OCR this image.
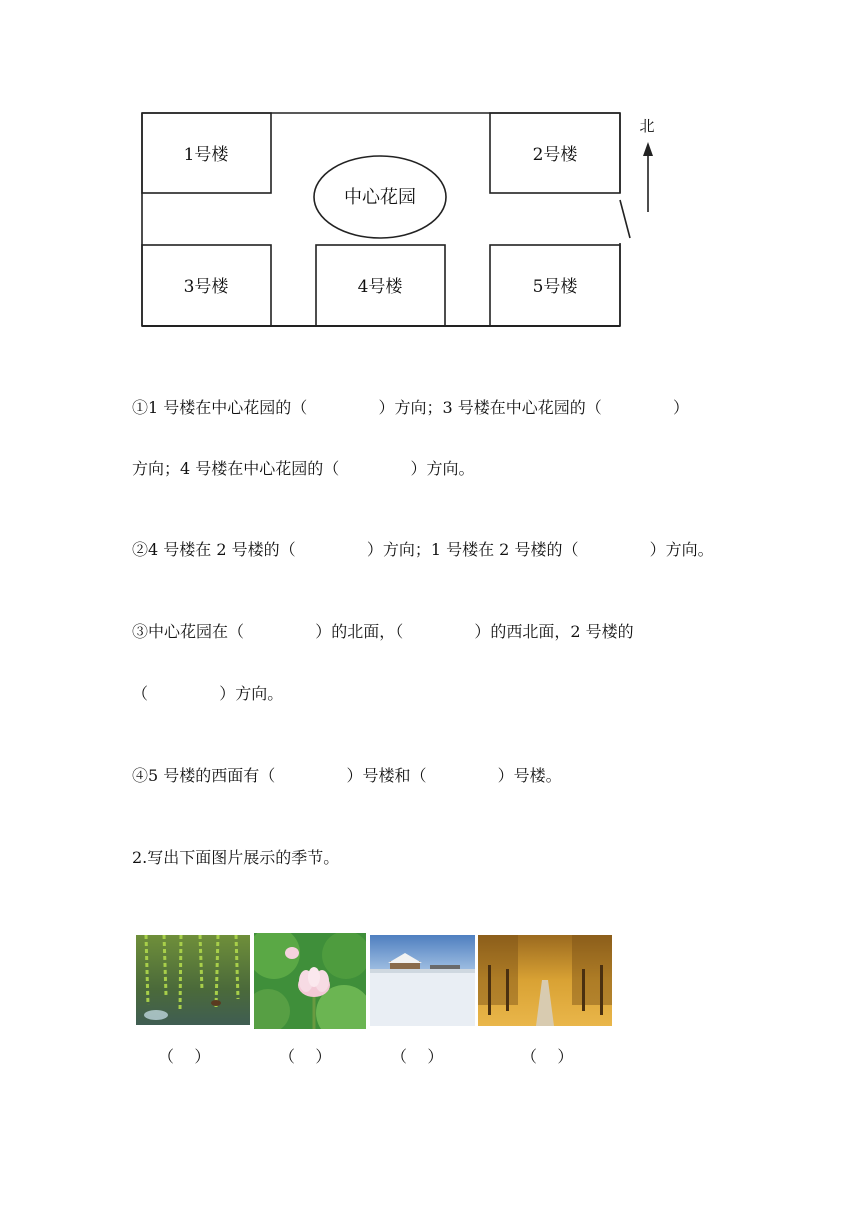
北
1号楼	2号楼
中心花园
3号楼	4号楼	5号楼
①1 号楼在中心花园的（              ）方向；3 号楼在中心花园的（              ）
方向；4 号楼在中心花园的（              ）方向。
②4 号楼在 2 号楼的（              ）方向；1 号楼在 2 号楼的（              ）方向。
③中心花园在（              ）的北面，（              ）的西北面，2 号楼的
（              ）方向。
④5 号楼的西面有（              ）号楼和（              ）号楼。
2.写出下面图片展示的季节。
（    ）	（    ）	（    ）	（    ）
